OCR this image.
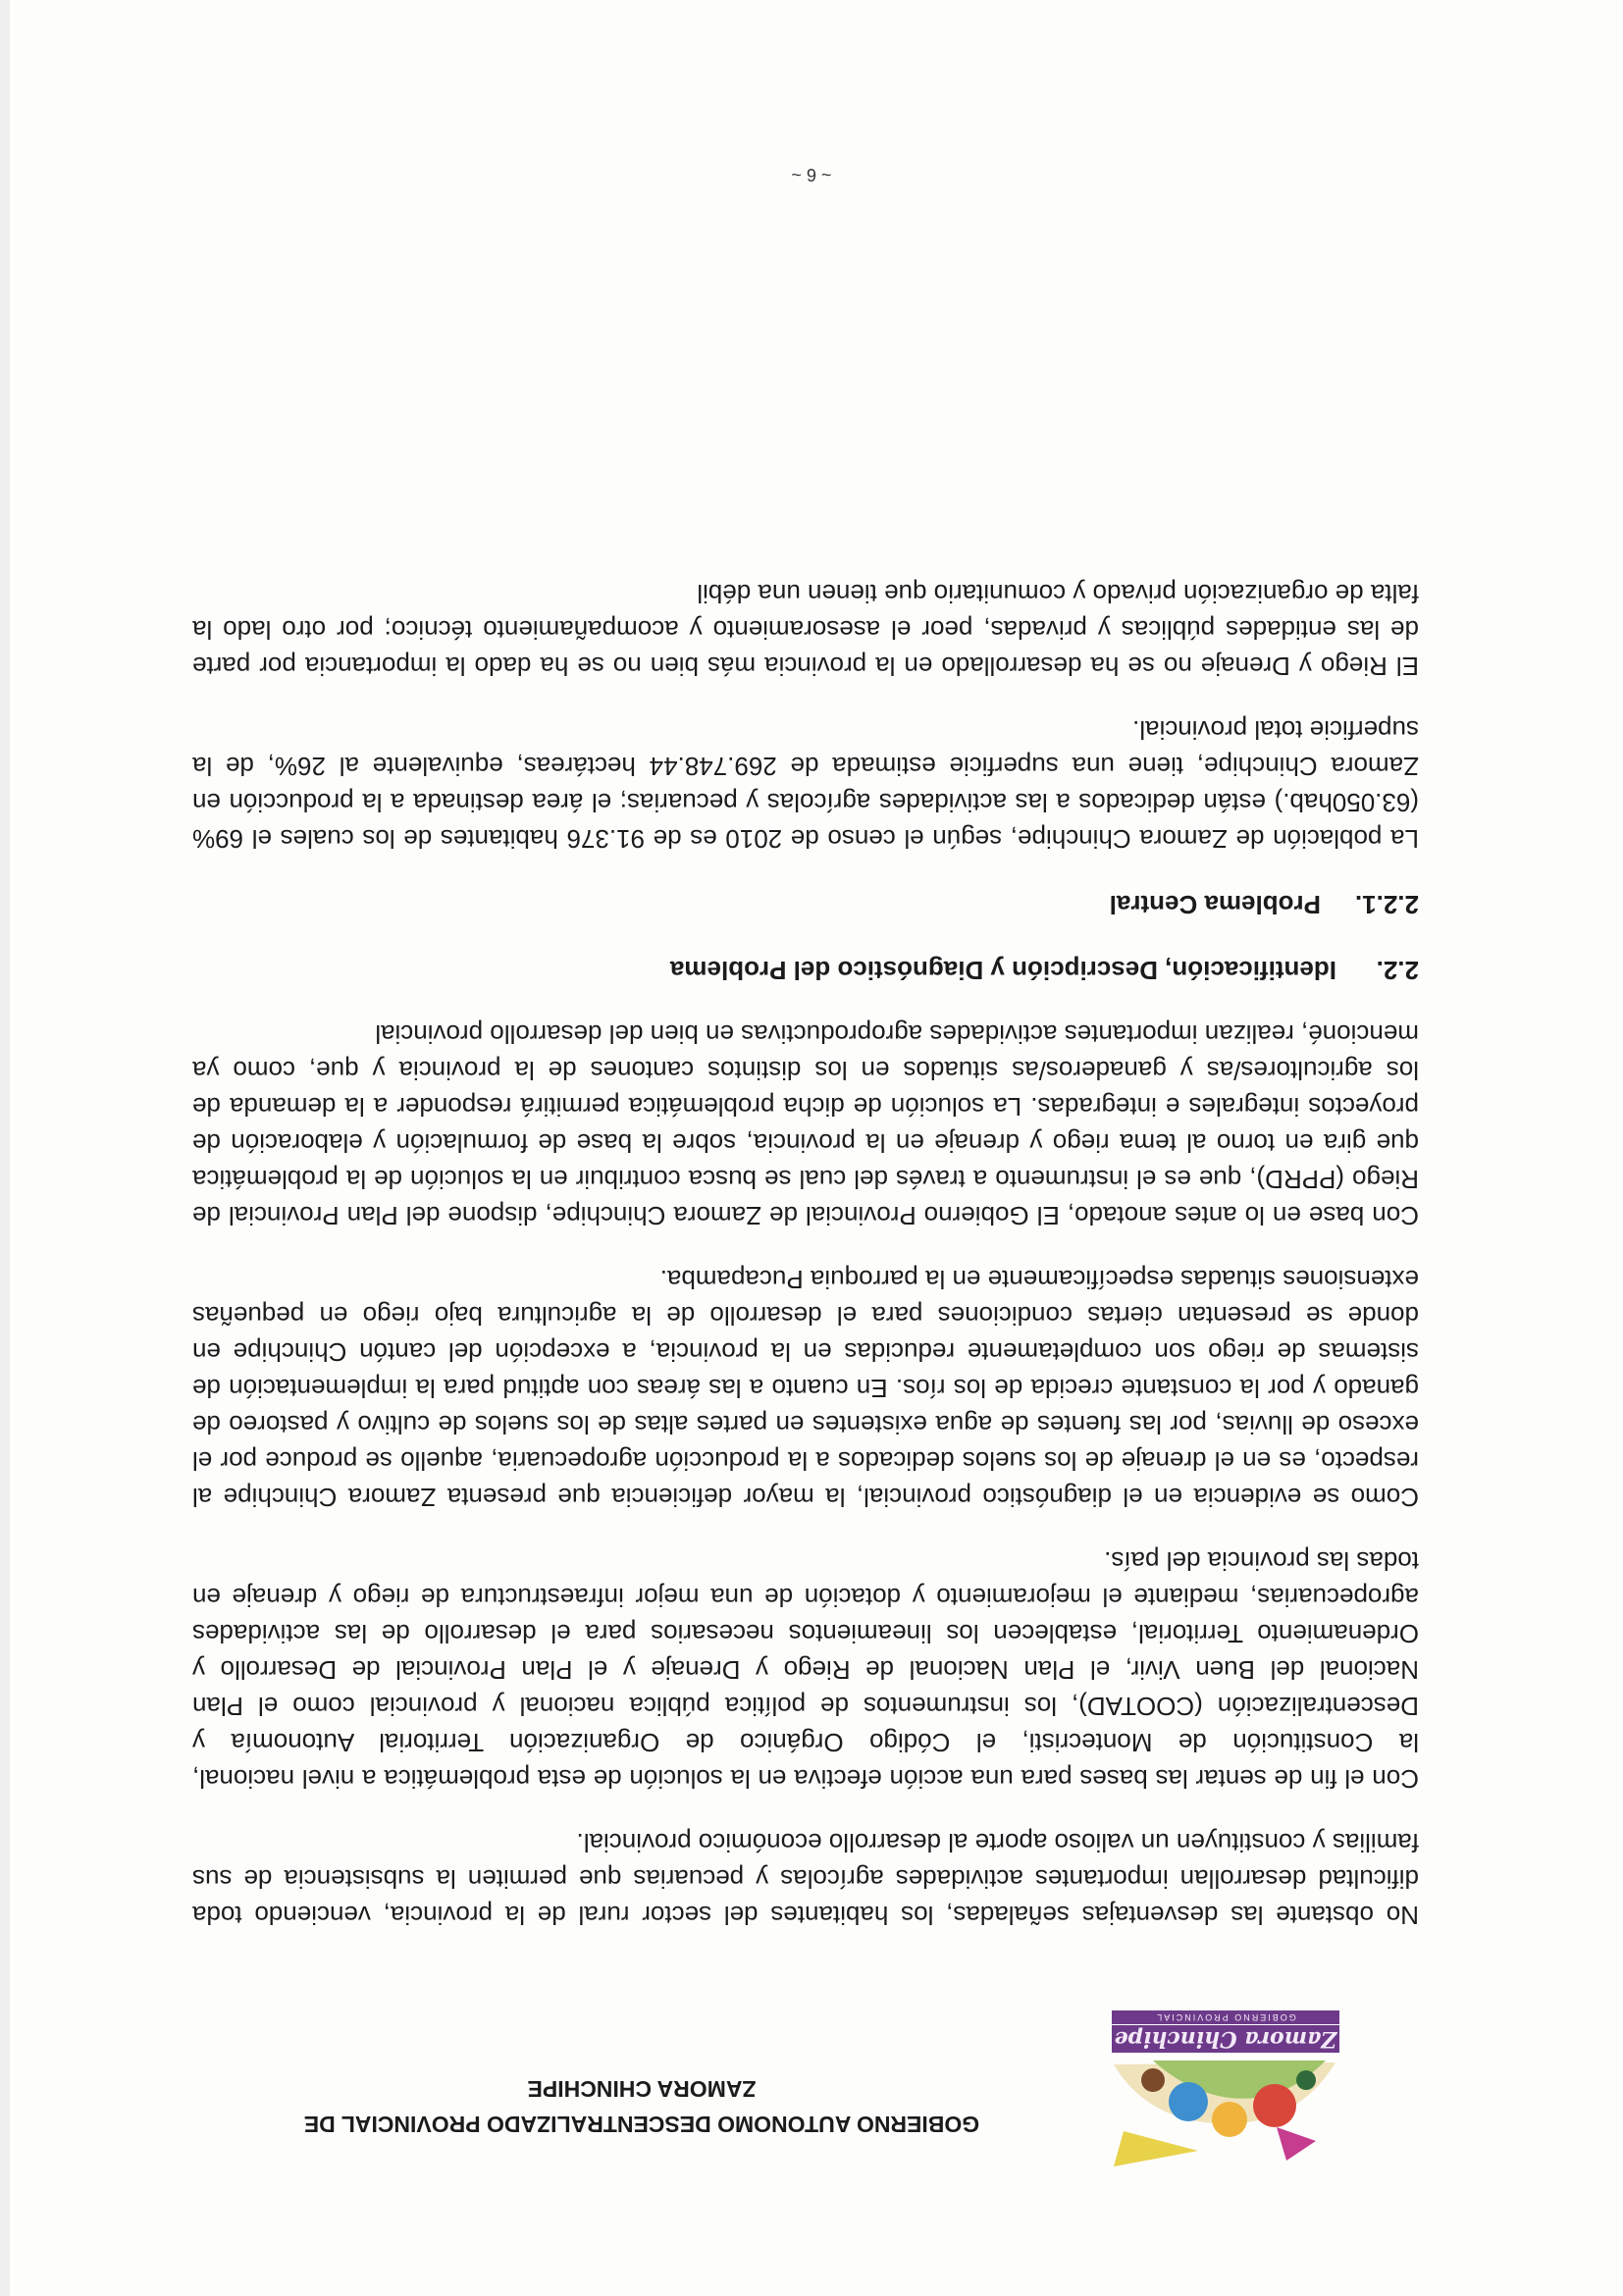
Zamora Chinchipe
GOBIERNO PROVINCIAL
GOBIERNO AUTONOMO DESCENTRALIZADO PROVINCIAL DE
ZAMORA CHINCHIPE

No obstante las desventajas señaladas, los habitantes del sector rural de la provincia, venciendo toda dificultad desarrollan importantes actividades agrícolas y pecuarias que permiten la subsistencia de sus familias y constituyen un valioso aporte al desarrollo económico provincial.

Con el fin de sentar las bases para una acción efectiva en la solución de esta problemática a nivel nacional, la Constitución de Montecristi, el Código Orgánico de Organización Territorial Autonomía y Descentralización (COOTAD), los instrumentos de política pública nacional y provincial como el Plan Nacional del Buen Vivir, el Plan Nacional de Riego y Drenaje y el Plan Provincial de Desarrollo y Ordenamiento Territorial, establecen los lineamientos necesarios para el desarrollo de las actividades agropecuarias, mediante el mejoramiento y dotación de una mejor infraestructura de riego y drenaje en todas las provincia del país.

Como se evidencia en el diagnóstico provincial, la mayor deficiencia que presenta Zamora Chinchipe al respecto, es en el drenaje de los suelos dedicados a la producción agropecuaria, aquello se produce por el exceso de lluvias, por las fuentes de agua existentes en partes altas de los suelos de cultivo y pastoreo de ganado y por la constante crecida de los ríos. En cuanto a las áreas con aptitud para la implementación de sistemas de riego son completamente reducidas en la provincia, a excepción del cantón Chinchipe en donde se presentan ciertas condiciones para el desarrollo de la agricultura bajo riego en pequeñas extensiones situadas específicamente en la parroquia Pucapamba.

Con base en lo antes anotado, El Gobierno Provincial de Zamora Chinchipe, dispone del Plan Provincial de Riego (PPRD), que es el instrumento a través del cual se busca contribuir en la solución de la problemática que gira en torno al tema riego y drenaje en la provincia, sobre la base de formulación y elaboración de proyectos integrales e integradas. La solución de dicha problemática permitirá responder a la demanda de los agricultores/as y ganaderos/as situados en los distintos cantones de la provincia y que, como ya mencioné, realizan importantes actividades agroproductivas en bien del desarrollo provincial

2.2.Identificación, Descripción y Diagnóstico del Problema
2.2.1.Problema Central

La población de Zamora Chinchipe, según el censo de 2010 es de 91.376 habitantes de los cuales el 69% (63.050hab.) están dedicados a las actividades agrícolas y pecuarias; el área destinada a la producción en Zamora Chinchipe, tiene una superficie estimada de 269.748.44 hectáreas, equivalente al 26%, de la superficie total provincial.

El Riego y Drenaje no se ha desarrollado en la provincia más bien no se ha dado la importancia por parte de las entidades públicas y privadas, peor el asesoramiento y acompañamiento técnico; por otro lado la falta de organización privado y comunitario que tienen una débil

~ 6 ~
